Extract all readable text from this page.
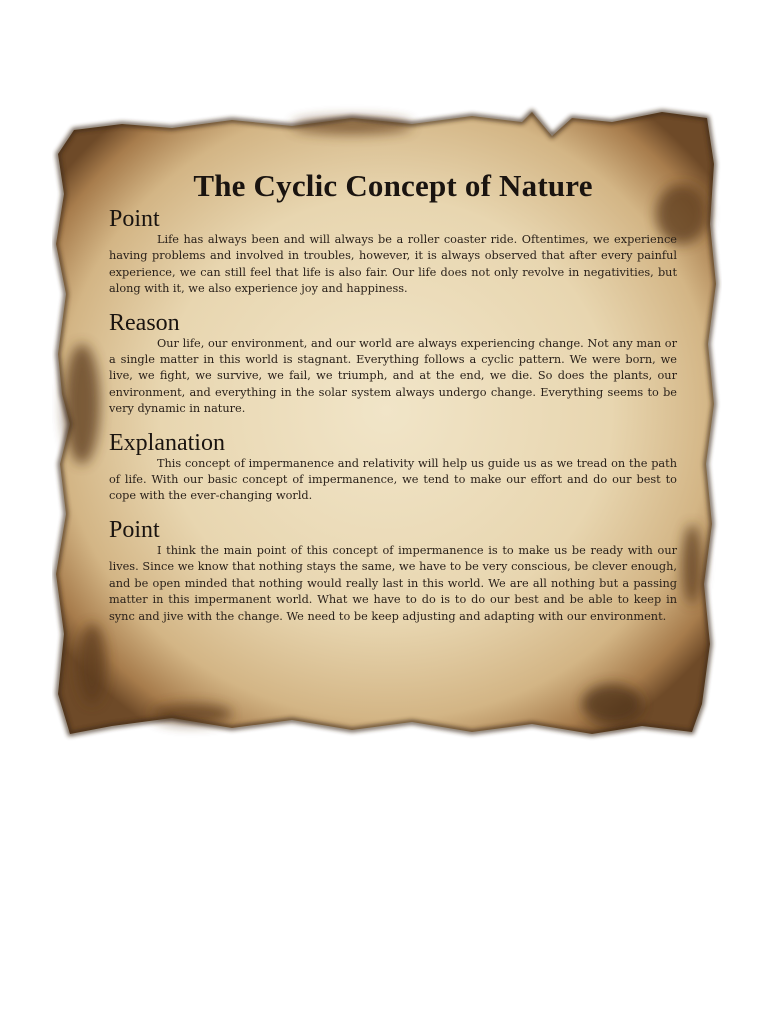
The Cyclic Concept of Nature
Point

Life has always been and will always be a roller coaster ride. Oftentimes, we experience having problems and involved in troubles, however, it is always observed that after every painful experience, we can still feel that life is also fair. Our life does not only revolve in negativities, but along with it, we also experience joy and happiness.

Reason

Our life, our environment, and our world are always experiencing change. Not any man or a single matter in this world is stagnant. Everything follows a cyclic pattern. We were born, we live, we fight, we survive, we fail, we triumph, and at the end, we die. So does the plants, our environment, and everything in the solar system always undergo change. Everything seems to be very dynamic in nature.

Explanation

This concept of impermanence and relativity will help us guide us as we tread on the path of life. With our basic concept of impermanence, we tend to make our effort and do our best to cope with the ever-changing world.

Point

I think the main point of this concept of impermanence is to make us be ready with our lives. Since we know that nothing stays the same, we have to be very conscious, be clever enough, and be open minded that nothing would really last in this world. We are all nothing but a passing matter in this impermanent world. What we have to do is to do our best and be able to keep in sync and jive with the change. We need to be keep adjusting and adapting with our environment.
